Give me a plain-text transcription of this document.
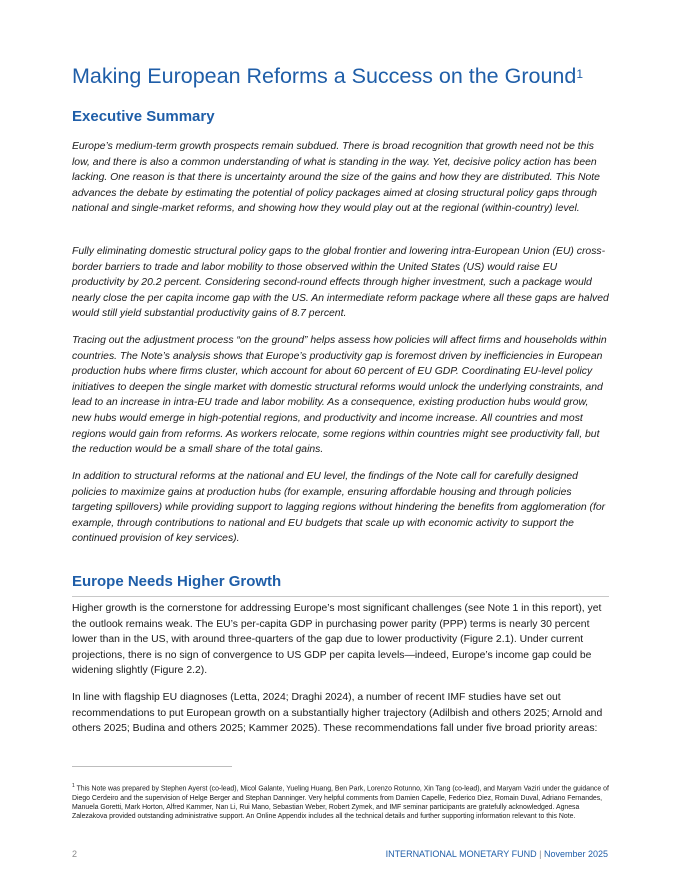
Making European Reforms a Success on the Ground$^1$
Executive Summary

Europe’s medium-term growth prospects remain subdued. There is broad recognition that growth need not be this low, and there is also a common understanding of what is standing in the way. Yet, decisive policy action has been lacking. One reason is that there is uncertainty around the size of the gains and how they are distributed. This Note advances the debate by estimating the potential of policy packages aimed at closing structural policy gaps through national and single-market reforms, and showing how they would play out at the regional (within-country) level.

Fully eliminating domestic structural policy gaps to the global frontier and lowering intra-European Union (EU) cross-border barriers to trade and labor mobility to those observed within the United States (US) would raise EU productivity by 20.2 percent. Considering second-round effects through higher investment, such a package would nearly close the per capita income gap with the US. An intermediate reform package where all these gaps are halved would still yield substantial productivity gains of 8.7 percent.

Tracing out the adjustment process “on the ground” helps assess how policies will affect firms and households within countries. The Note’s analysis shows that Europe’s productivity gap is foremost driven by inefficiencies in European production hubs where firms cluster, which account for about 60 percent of EU GDP. Coordinating EU-level policy initiatives to deepen the single market with domestic structural reforms would unlock the underlying constraints, and lead to an increase in intra-EU trade and labor mobility. As a consequence, existing production hubs would grow, new hubs would emerge in high-potential regions, and productivity and income increase. All countries and most regions would gain from reforms. As workers relocate, some regions within countries might see productivity fall, but the reduction would be a small share of the total gains.

In addition to structural reforms at the national and EU level, the findings of the Note call for carefully designed policies to maximize gains at production hubs (for example, ensuring affordable housing and through policies targeting spillovers) while providing support to lagging regions without hindering the benefits from agglomeration (for example, through contributions to national and EU budgets that scale up with economic activity to support the continued provision of key services).

Europe Needs Higher Growth

Higher growth is the cornerstone for addressing Europe’s most significant challenges (see Note 1 in this report), yet the outlook remains weak. The EU’s per-capita GDP in purchasing power parity (PPP) terms is nearly 30 percent lower than in the US, with around three-quarters of the gap due to lower productivity (Figure 2.1). Under current projections, there is no sign of convergence to US GDP per capita levels—indeed, Europe’s income gap could be widening slightly (Figure 2.2).

In line with flagship EU diagnoses (Letta, 2024; Draghi 2024), a number of recent IMF studies have set out recommendations to put European growth on a substantially higher trajectory (Adilbish and others 2025; Arnold and others 2025; Budina and others 2025; Kammer 2025). These recommendations fall under five broad priority areas:

$^1$ This Note was prepared by Stephen Ayerst (co-lead), Micol Galante, Yueling Huang, Ben Park, Lorenzo Rotunno, Xin Tang (co-lead), and Maryam Vaziri under the guidance of Diego Cerdeiro and the supervision of Helge Berger and Stephan Danninger. Very helpful comments from Damien Capelle, Federico Diez, Romain Duval, Adriano Fernandes, Manuela Goretti, Mark Horton, Alfred Kammer, Nan Li, Rui Mano, Sebastian Weber, Robert Zymek, and IMF seminar participants are gratefully acknowledged. Agnesa Zalezakova provided outstanding administrative support. An Online Appendix includes all the technical details and further supporting information relevant to this Note.

2	INTERNATIONAL MONETARY FUND | November 2025
